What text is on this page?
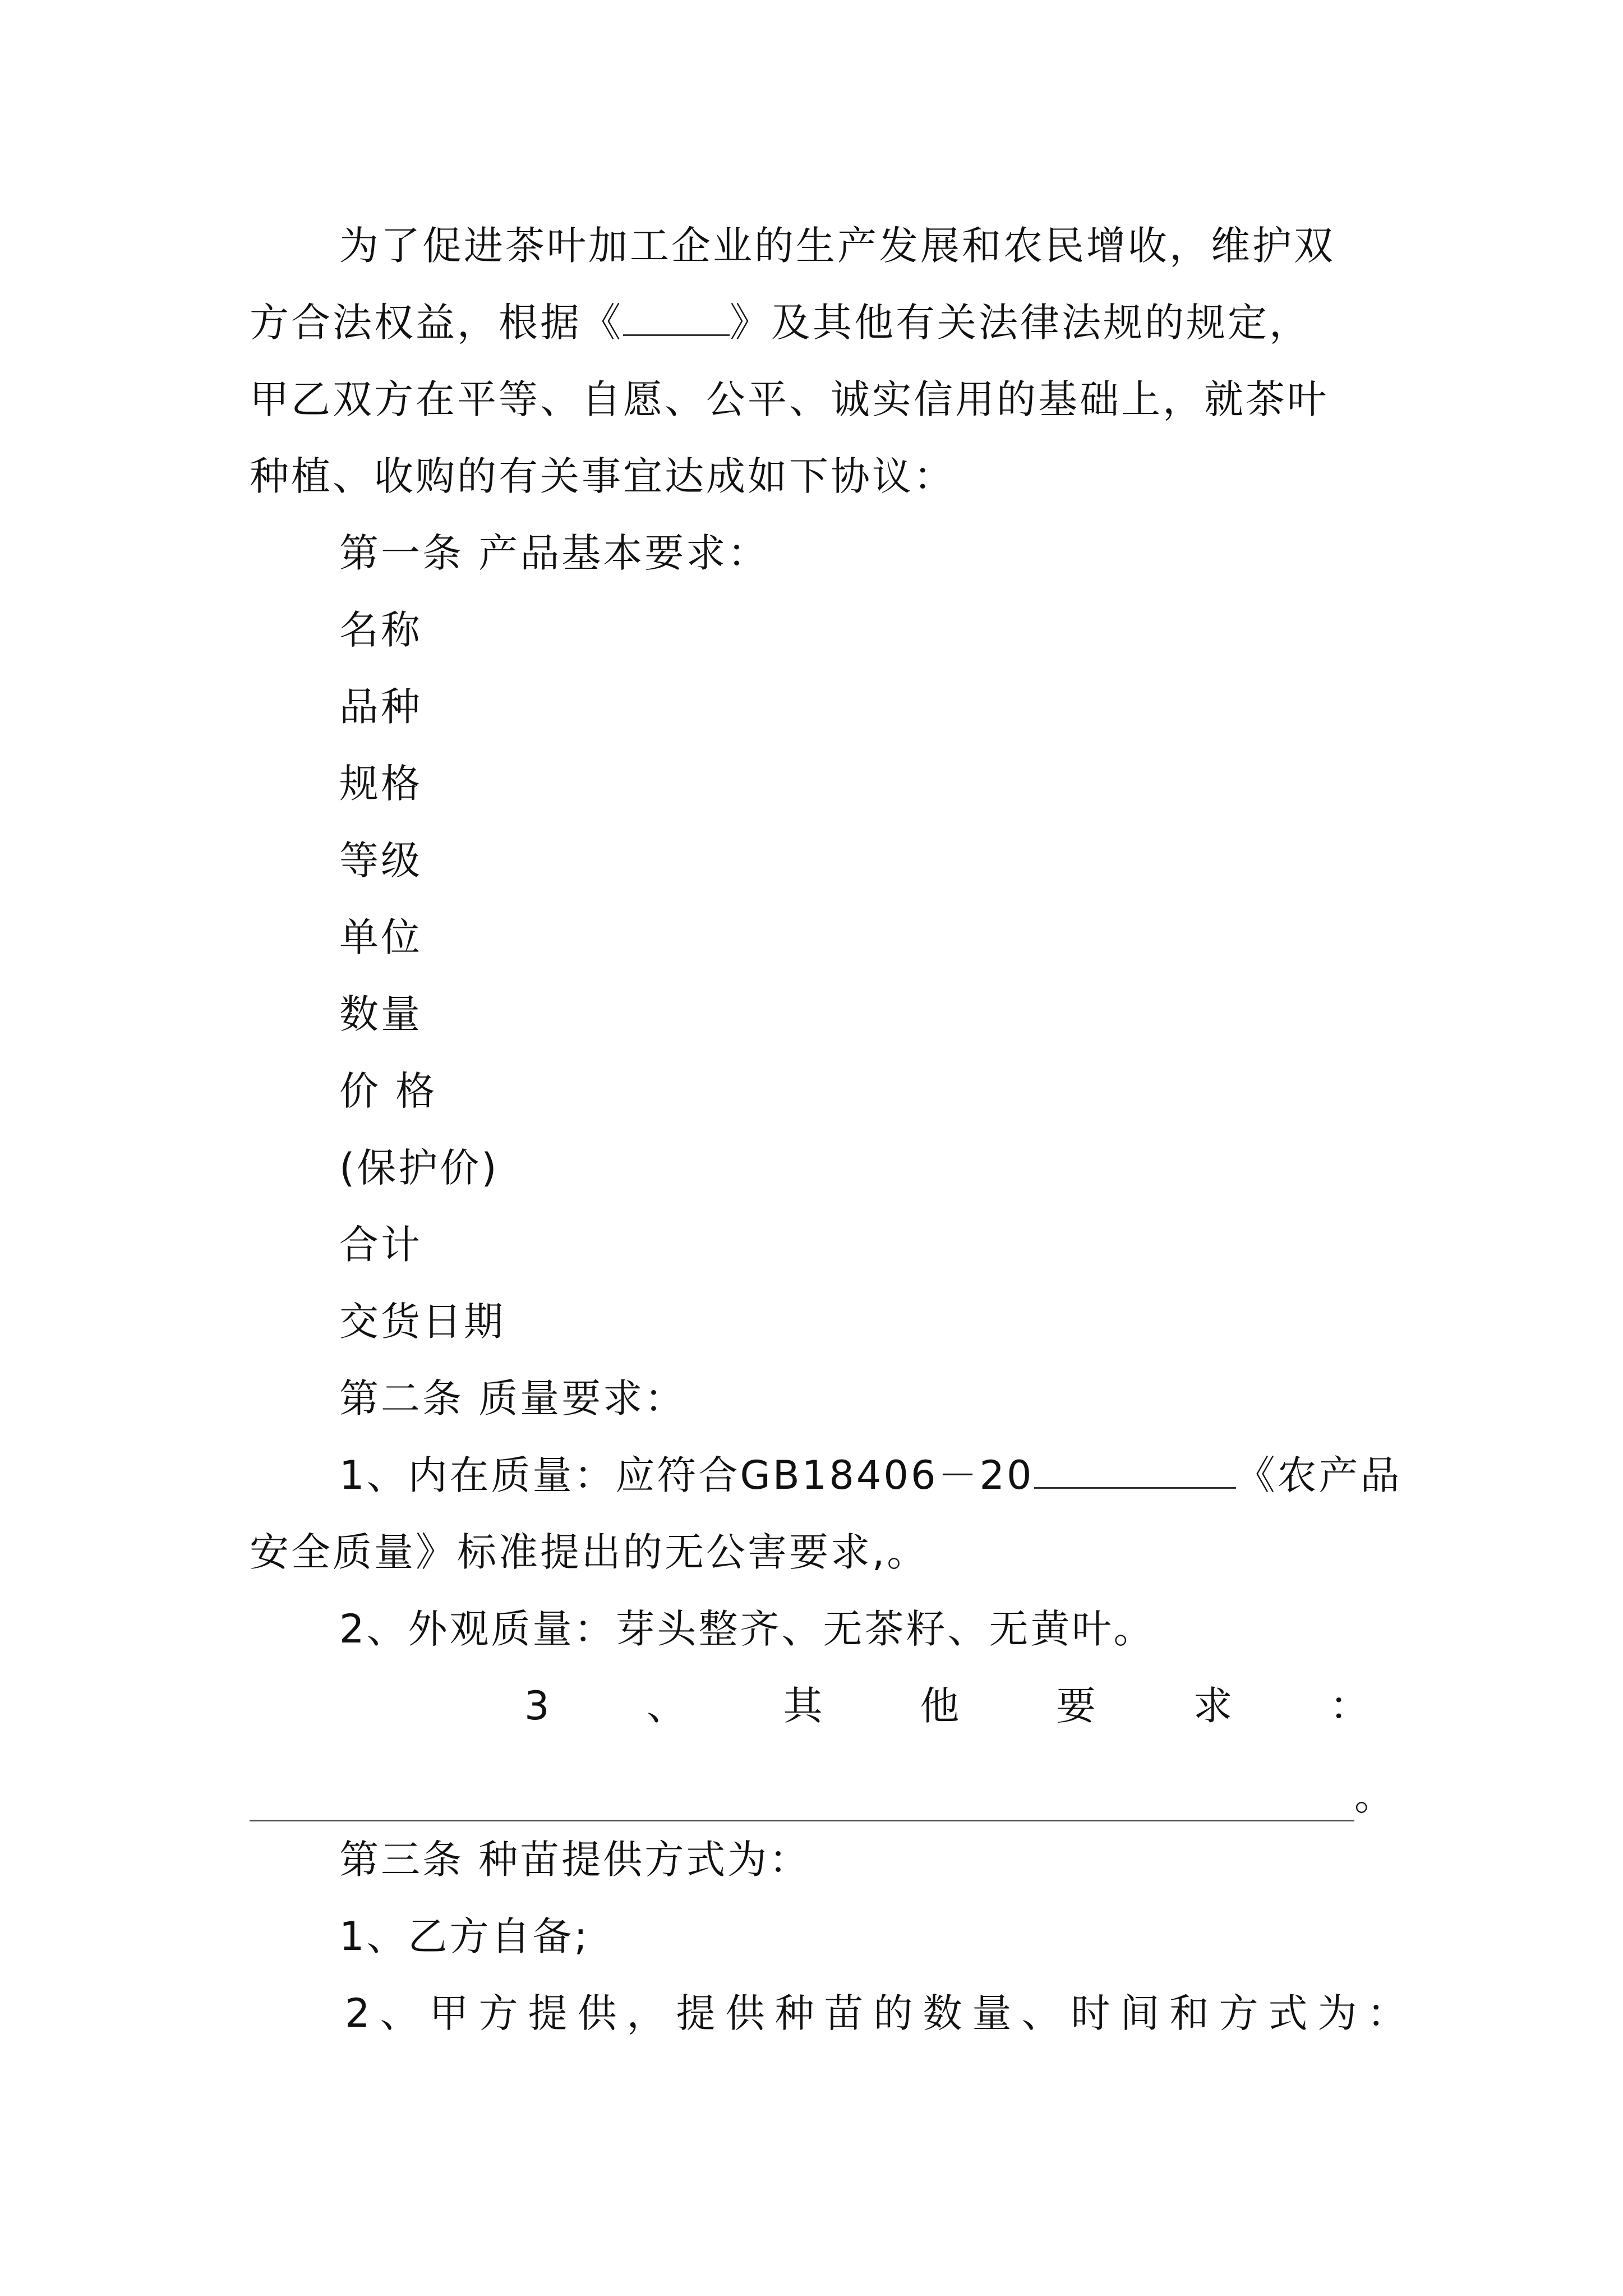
为了促进茶叶加工企业的生产发展和农民增收，维护双
方合法权益，根据《	》及其他有关法律法规的规定，
甲乙双方在平等、自愿、公平、诚实信用的基础上，就茶叶
种植、收购的有关事宜达成如下协议：
第一条 产品基本要求：
名称
品种
规格
等级
单位
数量
价 格
(保护价)
合计
交货日期
第二条 质量要求：
1、内在质量：应符合GB18406－20	《农产品
安全质量》标准提出的无公害要求,。
2、外观质量：芽头整齐、无茶籽、无黄叶。
3 、 其 他 要 求 ：
。
第三条 种苗提供方式为：
1、乙方自备;
2、甲方提供，提供种苗的数量、时间和方式为：
